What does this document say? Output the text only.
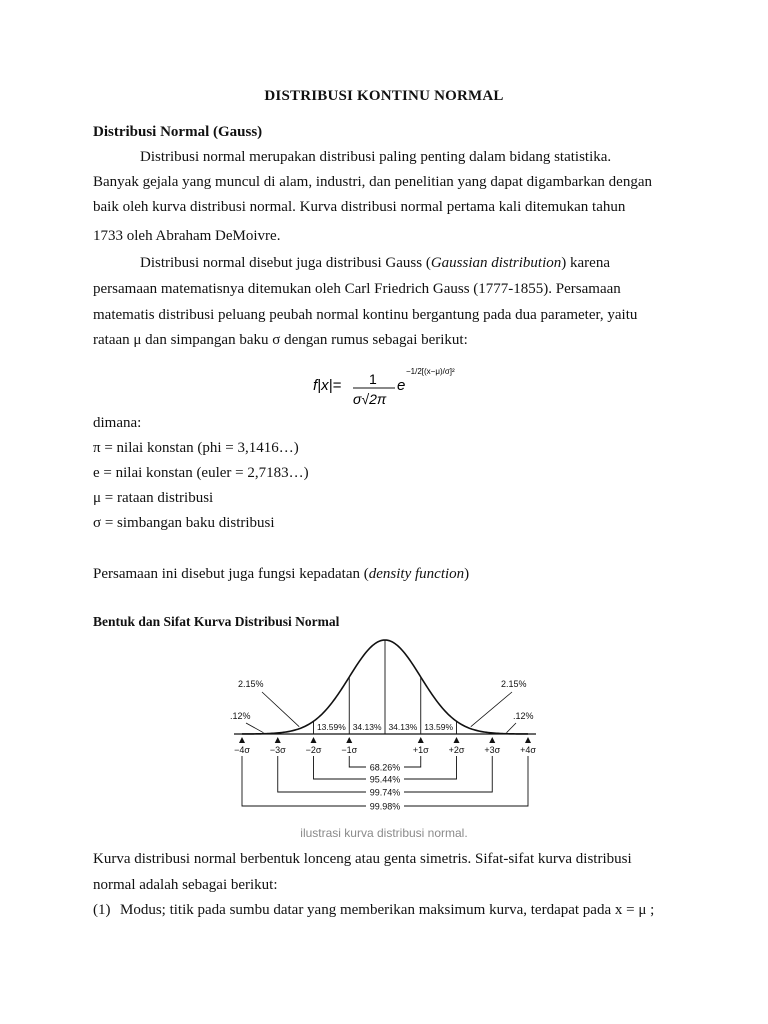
DISTRIBUSI KONTINU NORMAL
Distribusi Normal (Gauss)
Distribusi normal merupakan distribusi paling penting dalam bidang statistika.
Banyak gejala yang muncul di alam, industri, dan penelitian yang dapat digambarkan dengan
baik oleh kurva distribusi normal. Kurva distribusi normal pertama kali ditemukan tahun
1733 oleh Abraham DeMoivre.
Distribusi normal disebut juga distribusi Gauss (Gaussian distribution) karena
persamaan matematisnya ditemukan oleh Carl Friedrich Gauss (1777-1855). Persamaan
matematis distribusi peluang peubah normal kontinu bergantung pada dua parameter, yaitu
rataan μ dan simpangan baku σ dengan rumus sebagai berikut:
f|x|= 1
σ√2π
e
−1/2[(x−μ)/σ]²
dimana:
π = nilai konstan (phi = 3,1416…)
e = nilai konstan (euler = 2,7183…)
μ = rataan distribusi
σ = simbangan baku distribusi
Persamaan ini disebut juga fungsi kepadatan (density function)
Bentuk dan Sifat Kurva Distribusi Normal
13.59% 34.13% 34.13% 13.59%
−4σ −3σ −2σ −1σ	+1σ +2σ +3σ +4σ
2.15%
.12%
2.15%
.12%
68.26%
95.44%
99.74%
99.98%
ilustrasi kurva distribusi normal.
Kurva distribusi normal berbentuk lonceng atau genta simetris. Sifat-sifat kurva distribusi
normal adalah sebagai berikut:
(1) Modus; titik pada sumbu datar yang memberikan maksimum kurva, terdapat pada x = μ ;
